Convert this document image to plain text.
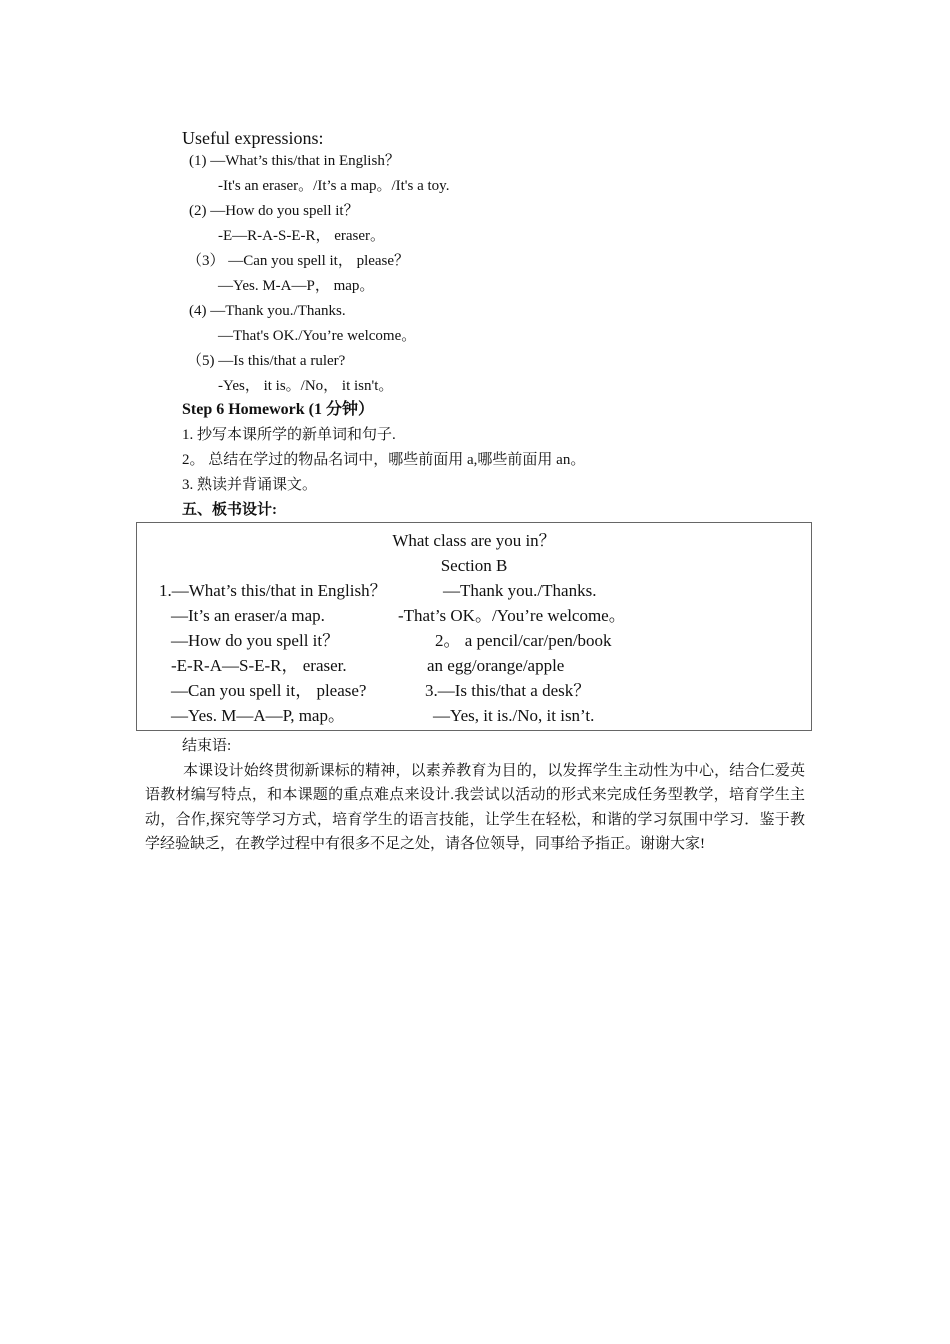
Useful expressions:
(1) —What’s this/that in English？
-It's an eraser。/It’s a map。/It's a toy.
(2) —How do you spell it？
-E—R-A-S-E-R， eraser。
（3） —Can you spell it， please？
—Yes. M-A—P， map。
(4) —Thank you./Thanks.
—That's OK./You’re welcome。
（5) —Is this/that a ruler?
-Yes， it is。/No， it isn't。
Step 6 Homework (1 分钟）
1. 抄写本课所学的新单词和句子.
2。 总结在学过的物品名词中，哪些前面用 a,哪些前面用 an。
3. 熟读并背诵课文。
五、板书设计:
What class are you in？
Section B
1.—What’s this/that in English？
—It’s an eraser/a map.
—How do you spell it？
-E-R-A—S-E-R， eraser.
—Can you spell it， please?
—Yes. M—A—P, map。
—Thank you./Thanks.
-That’s OK。/You’re welcome。
2。 a pencil/car/pen/book
an egg/orange/apple
3.—Is this/that a desk？
—Yes, it is./No, it isn’t.
结束语:
本课设计始终贯彻新课标的精神，以素养教育为目的，以发挥学生主动性为中心，结合仁爱英语教材编写特点，和本课题的重点难点来设计.我尝试以活动的形式来完成任务型教学，培育学生主动，合作,探究等学习方式，培育学生的语言技能，让学生在轻松，和谐的学习氛围中学习．鉴于教学经验缺乏，在教学过程中有很多不足之处，请各位领导，同事给予指正。谢谢大家!
